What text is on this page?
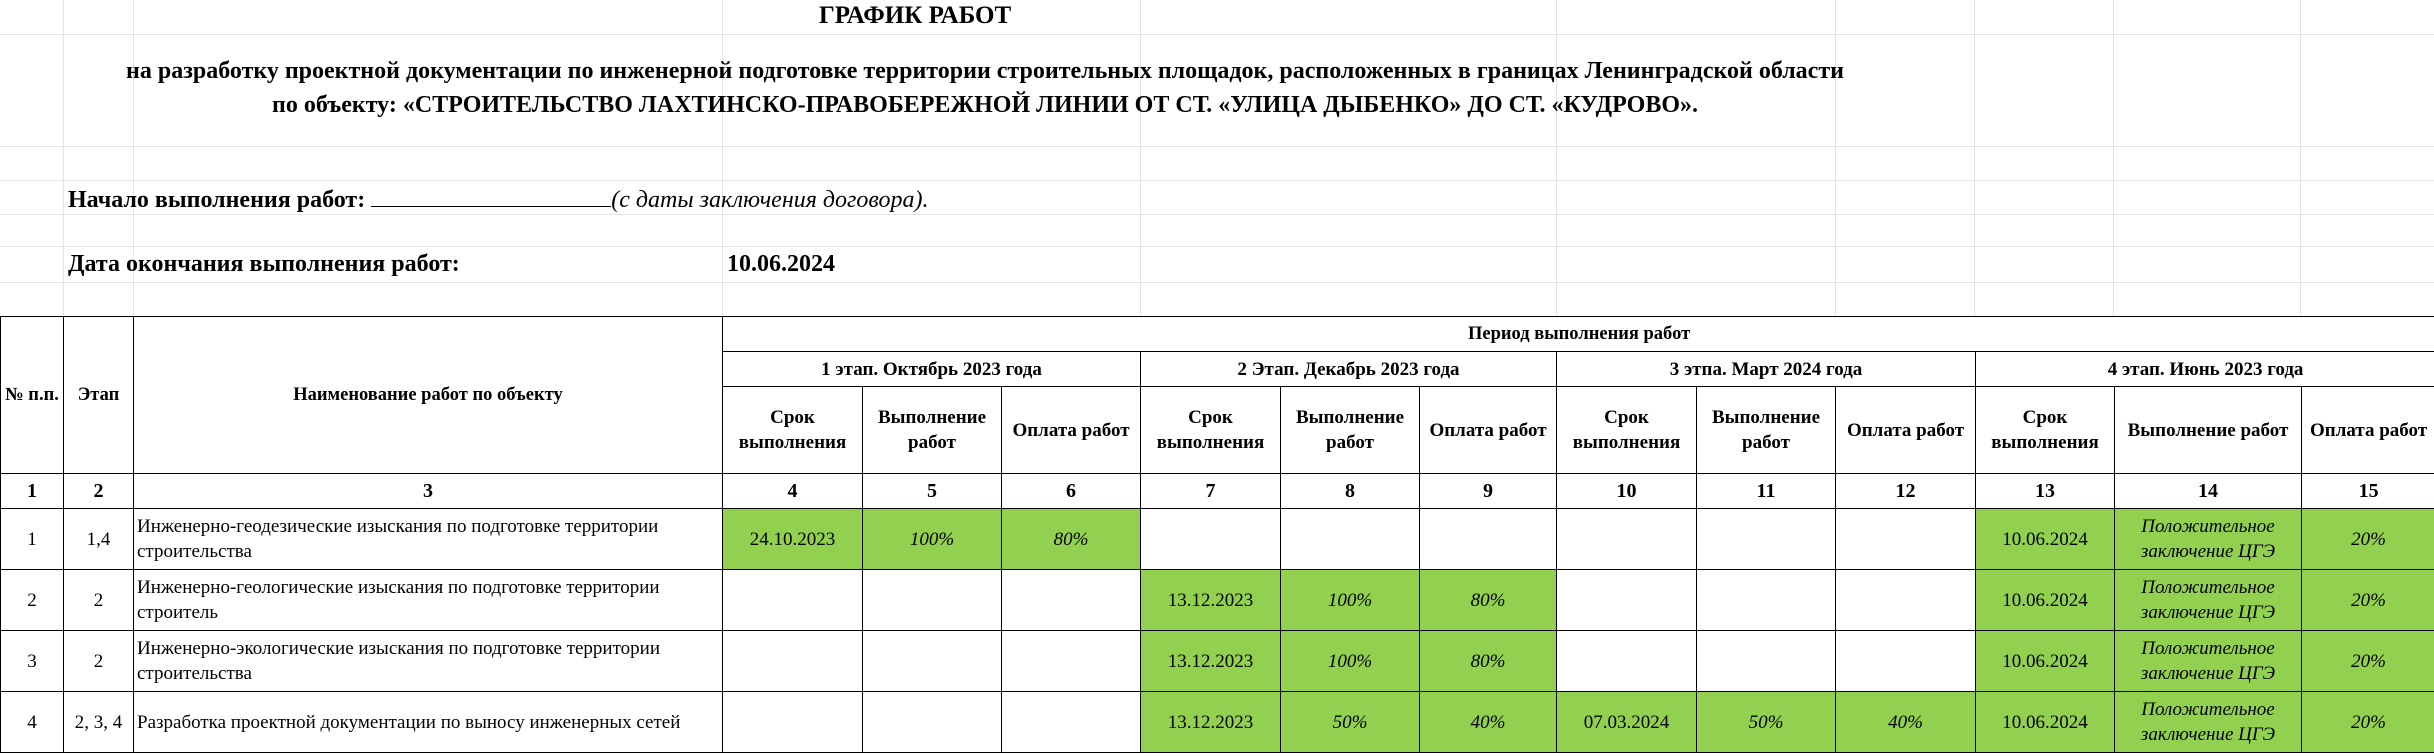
ГРАФИК РАБОТ
на разработку проектной документации по инженерной подготовке территории строительных площадок, расположенных в границах Ленинградской области
по объекту: «СТРОИТЕЛЬСТВО ЛАХТИНСКО-ПРАВОБЕРЕЖНОЙ ЛИНИИ ОТ СТ. «УЛИЦА ДЫБЕНКО» ДО СТ. «КУДРОВО».
Начало выполнения работ:	(с даты заключения договора).
Дата окончания выполнения работ:	10.06.2024
№ п.п.	Этап	Наименование работ по объекту	Период выполнения работ											
			1 этап. Октябрь 2023 года			2 Этап. Декабрь 2023 года			3 этпа. Март 2024 года			4 этап. Июнь 2023 года		
			Срок выполнения	Выполнение работ	Оплата работ	Срок выполнения	Выполнение работ	Оплата работ	Срок выполнения	Выполнение работ	Оплата работ	Срок выполнения	Выполнение работ	Оплата работ
1	2	3	4	5	6	7	8	9	10	11	12	13	14	15
1	1,4	Инженерно-геодезические изыскания по подготовке территории строительства	24.10.2023	100%	80%							10.06.2024	Положительное заключение ЦГЭ	20%
2	2	Инженерно-геологические изыскания по подготовке территории строитель				13.12.2023	100%	80%				10.06.2024	Положительное заключение ЦГЭ	20%
3	2	Инженерно-экологические изыскания по подготовке территории строительства				13.12.2023	100%	80%				10.06.2024	Положительное заключение ЦГЭ	20%
4	2, 3, 4	Разработка проектной документации по выносу инженерных сетей				13.12.2023	50%	40%	07.03.2024	50%	40%	10.06.2024	Положительное заключение ЦГЭ	20%
